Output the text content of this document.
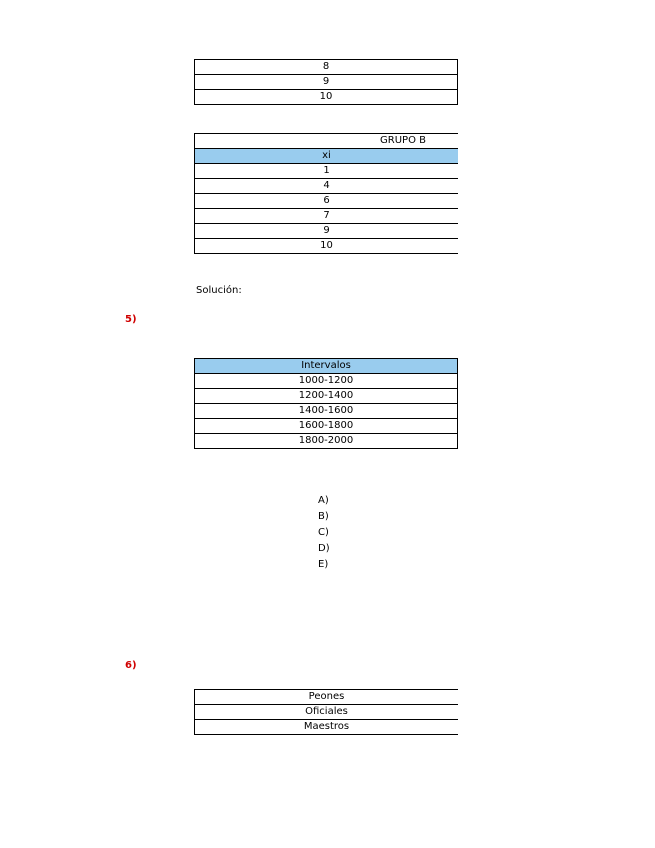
8
9
10
GRUPO B
xi
1
4
6
7
9
10
Solución:
5)
Intervalos
1000-1200
1200-1400
1400-1600
1600-1800
1800-2000
A)
B)
C)
D)
E)
6)
Peones
Oficiales
Maestros
